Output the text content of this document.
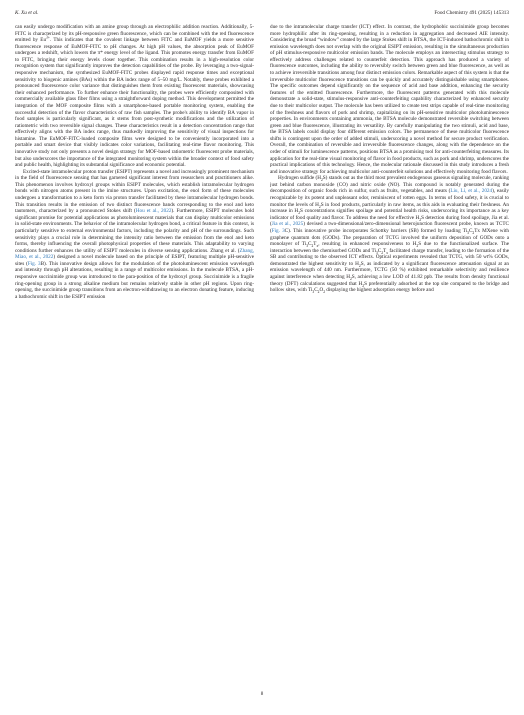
K. Xu et al.	Food Chemistry 491 (2025) 145313

can easily undergo modification with an amine group through an electrophilic addition reaction. Additionally, 5-FITC is characterized by its pH-responsive green fluorescence, which can be combined with the red fluorescence emitted by $Eu^{3+}$. This indicates that the covalent linkage between FITC and EuMOF yields a more sensitive fluorescence response of EuMOF-FITC to pH changes. At high pH values, the absorption peak of EuMOF undergoes a redshift, which lowers the π* energy level of the ligand. This promotes energy transfer from EuMOF to FITC, bringing their energy levels closer together. This combination results in a high-resolution color recognition system that significantly improves the detection capabilities of the probe. By leveraging a two-signal-responsive mechanism, the synthesized EuMOF-FITC probes displayed rapid response times and exceptional sensitivity to biogenic amines (BAs) within the BA index range of 5–50 mg/L. Notably, these probes exhibited a pronounced fluorescence color variance that distinguishes them from existing fluorescent materials, showcasing their enhanced performance. To further enhance their functionality, the probes were efficiently composited with commercially available glass fiber films using a straightforward doping method. This development permitted the integration of the MOF composite films with a smartphone-based portable monitoring system, enabling the successful detection of the flavor characteristics of raw fish samples. The probe's ability to identify BA vapor in food samples is particularly significant, as it stems from post-synthetic modifications and the utilization of ratiometric with two reversible signal changes. These characteristics result in a detection concentration range that effectively aligns with the BA index range, thus markedly improving the sensitivity of visual inspections for histamine. The EuMOF-FITC-loaded composite films were designed to be conveniently incorporated into a portable and smart device that visibly indicates color variations, facilitating real-time flavor monitoring. This innovative study not only presents a novel design strategy for MOF-based ratiometric fluorescent probe materials, but also underscores the importance of the integrated monitoring system within the broader context of food safety and public health, highlighting its substantial significance and economic potential.

Excited-state intramolecular proton transfer (ESIPT) represents a novel and increasingly prominent mechanism in the field of fluorescence sensing that has garnered significant interest from researchers and practitioners alike. This phenomenon involves hydroxyl groups within ESIPT molecules, which establish intramolecular hydrogen bonds with nitrogen atoms present in the imine structures. Upon excitation, the enol form of these molecules undergoes a transformation to a keto form via proton transfer facilitated by these intramolecular hydrogen bonds. This transition results in the emission of two distinct fluorescence bands corresponding to the enol and keto tautomers, characterized by a pronounced Stokes shift (Hou et al., 2022). Furthermore, ESIPT molecules hold significant promise for potential applications as photoluminescent materials that can display multicolor emissions in solid-state environments. The behavior of the intramolecular hydrogen bond, a critical feature in this context, is particularly sensitive to external environmental factors, including the polarity and pH of the surroundings. Such sensitivity plays a crucial role in determining the intensity ratio between the emission from the enol and keto forms, thereby influencing the overall photophysical properties of these materials. This adaptability to varying conditions further enhances the utility of ESIPT molecules in diverse sensing applications. Zhang et al. (Zhang, Miao, et al., 2022) designed a novel molecule based on the principle of ESIPT, featuring multiple pH-sensitive sites (Fig. 3B). This innovative design allows for the modulation of the photoluminescent emission wavelength and intensity through pH alterations, resulting in a range of multicolor emissions. In the molecule BTSA, a pH-responsive succinimide group was introduced to the para-position of the hydroxyl group. Succinimide is a fragile ring-opening group in a strong alkaline medium but remains relatively stable in other pH regions. Upon ring-opening, the succinimide group transitions from an electron-withdrawing to an electron donating feature, inducing a bathochromic shift in the ESIPT emission

due to the intramolecular charge transfer (ICT) effect. In contrast, the hydrophobic succinimide group becomes more hydrophilic after its ring-opening, resulting in a reduction in aggregation and decreased AIE intensity. Considering the broad “window” created by the large Stokes shift in BTSA, the ICT-induced bathochromic shift in emission wavelength does not overlap with the original ESIPT emission, resulting in the simultaneous production of pH stimulus-responsive multicolor emission bands. The molecule employs an intersecting stimulus strategy to effectively address challenges related to counterfeit detection. This approach has produced a variety of fluorescence outcomes, including the ability to reversibly switch between green and blue fluorescence, as well as to achieve irreversible transitions among four distinct emission colors. Remarkable aspect of this system is that the irreversible multicolor fluorescence transitions can be quickly and accurately distinguishable using smartphones. The specific outcomes depend significantly on the sequence of acid and base addition, enhancing the security features of the emitted fluorescence. Furthermore, the fluorescent patterns generated with this molecule demonstrate a solid-state, stimulus-responsive anti-counterfeiting capability characterized by enhanced security due to their multicolor output. The molecule has been utilized to create test strips capable of real-time monitoring of the freshness and flavors of pork and shrimp, capitalizing on its pH-sensitive multicolor photoluminescence properties. In environments containing ammonia, the BTSA molecule demonstrated reversible switching between green and blue fluorescence, illustrating its versatility. By carefully manipulating the two stimuli, acid and base, the BTSA labels could display four different emission colors. The permanence of these multicolor fluorescence shifts is contingent upon the order of added stimuli, underscoring a novel method for secure product verification. Overall, the combination of reversible and irreversible fluorescence changes, along with the dependence on the order of stimuli for luminescence patterns, positions BTSA as a promising tool for anti-counterfeiting measures. Its application for the real-time visual monitoring of flavor in food products, such as pork and shrimp, underscores the practical implications of this technology. Hence, the molecular rationale discussed in this study introduces a fresh and innovative strategy for achieving multicolor anti-counterfeit solutions and effectively monitoring food flavors.

Hydrogen sulfide $(H_2S)$ stands out as the third most prevalent endogenous gaseous signaling molecule, ranking just behind carbon monoxide (CO) and nitric oxide (NO). This compound is notably generated during the decomposition of organic foods rich in sulfur, such as fruits, vegetables, and meats (Liu, Li, et al., 2024), easily recognizable by its potent and unpleasant odor, reminiscent of rotten eggs. In terms of food safety, it is crucial to monitor the levels of $H_2S$ in food products, particularly in raw items, as this aids in evaluating their freshness. An increase in $H_2S$ concentrations signifies spoilage and potential health risks, underscoring its importance as a key indicator of food quality and flavor. To address the need for effective $H_2S$ detection during food spoilage, Jia et al. (Jia et al., 2025) devised a two-dimensional/zero-dimensional heterojunction fluorescent probe, known as TCTC (Fig. 3C). This innovative probe incorporates Schottky barriers (SB) formed by loading $Ti_3C_2Tx$ MXene with graphene quantum dots (GODs). The preparation of TCTG involved the uniform deposition of GODs onto a monolayer of $Ti_3C_2T_x$, resulting in enhanced responsiveness to $H_2S$ due to the functionalized surface. The interaction between the chemisorbed GODs and $Ti_3C_2T_x$ facilitated charge transfer, leading to the formation of the SB and contributing to the observed ICT effects. Optical experiments revealed that TCTG, with 50 wt% GODs, demonstrated the highest sensitivity to $H_2S$, as indicated by a significant fluorescence attenuation signal at an emission wavelength of 440 nm. Furthermore, TCTG (50 %) exhibited remarkable selectivity and resilience against interference when detecting $H_2S$, achieving a low LOD of 41.82 ppb. The results from density functional theory (DFT) calculations suggested that $H_2S$ preferentially adsorbed at the top site compared to the bridge and hollow sites, with $Ti_3C_2O_2$ displaying the highest adsorption energy before and

8
